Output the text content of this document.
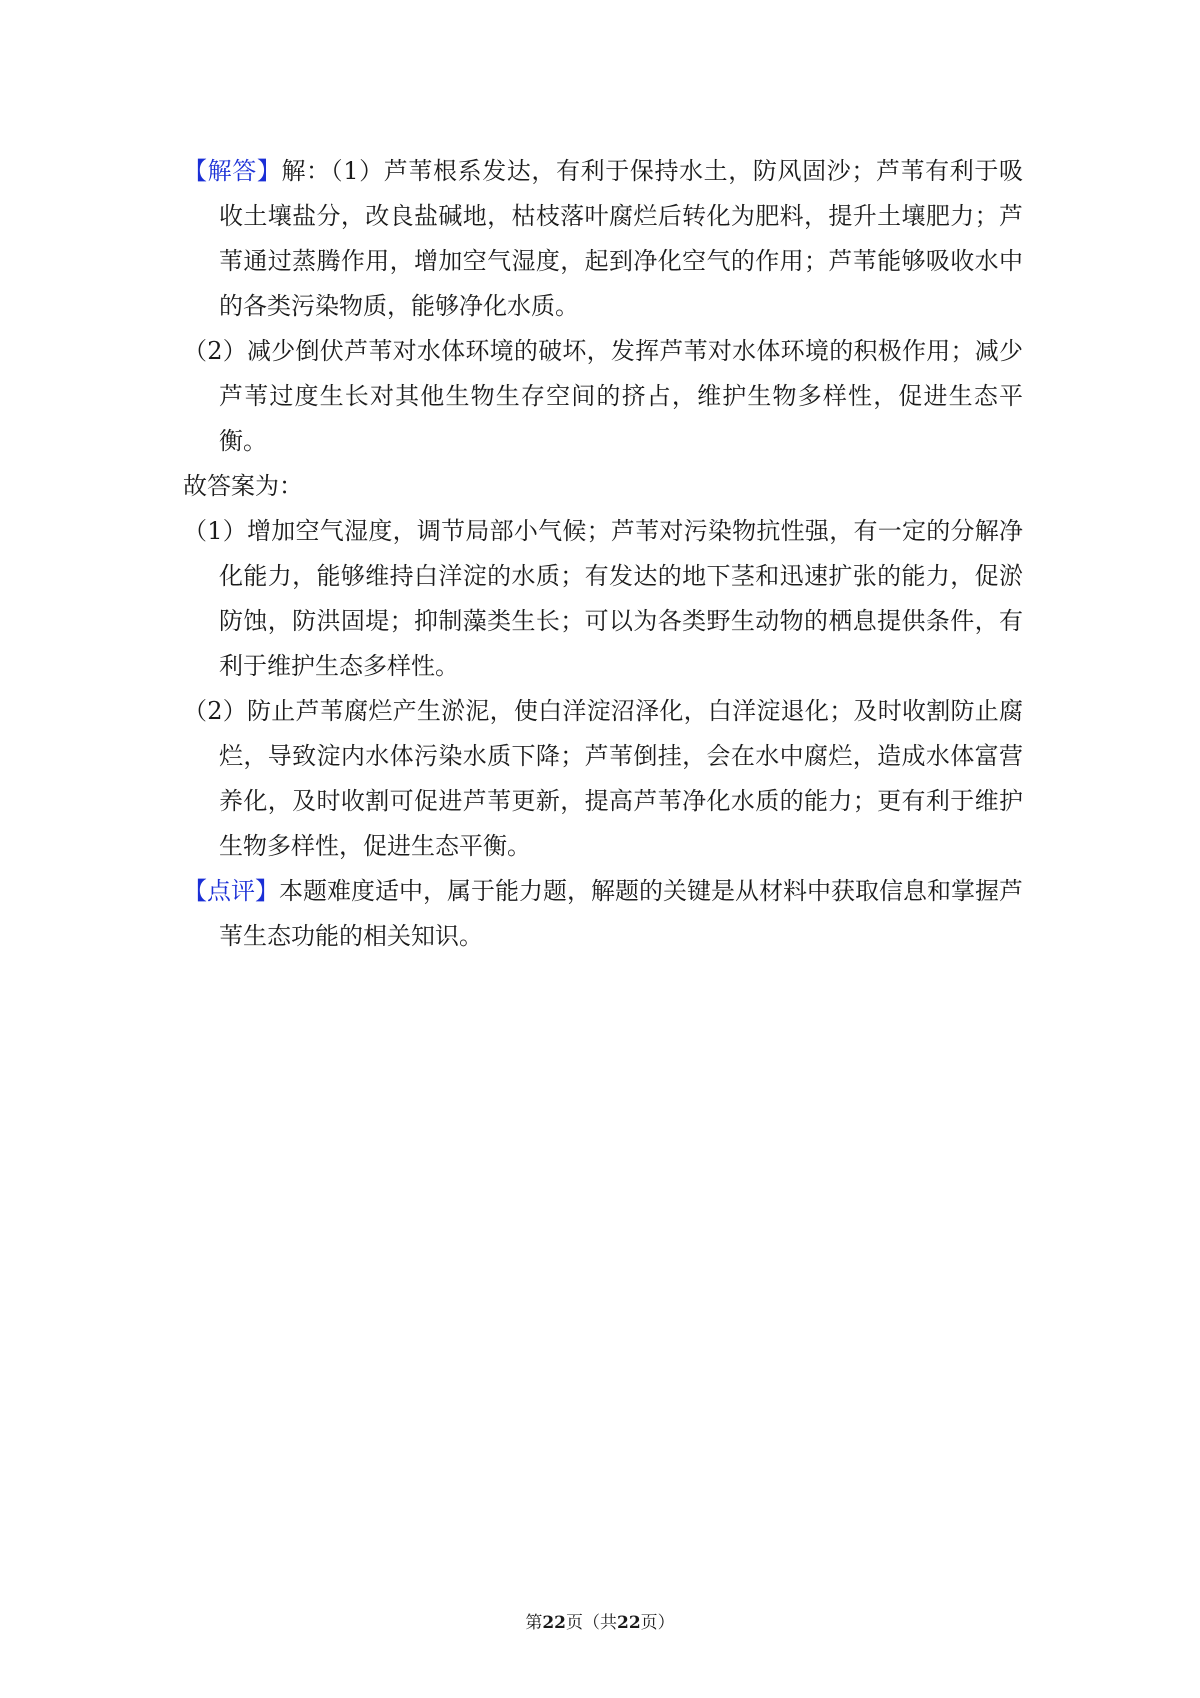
【解答】解：（1）芦苇根系发达，有利于保持水土，防风固沙；芦苇有利于吸收土壤盐分，改良盐碱地，枯枝落叶腐烂后转化为肥料，提升土壤肥力；芦苇通过蒸腾作用，增加空气湿度，起到净化空气的作用；芦苇能够吸收水中的各类污染物质，能够净化水质。

（2）减少倒伏芦苇对水体环境的破坏，发挥芦苇对水体环境的积极作用；减少芦苇过度生长对其他生物生存空间的挤占，维护生物多样性，促进生态平衡。

故答案为：

（1）增加空气湿度，调节局部小气候；芦苇对污染物抗性强，有一定的分解净化能力，能够维持白洋淀的水质；有发达的地下茎和迅速扩张的能力，促淤防蚀，防洪固堤；抑制藻类生长；可以为各类野生动物的栖息提供条件，有利于维护生态多样性。

（2）防止芦苇腐烂产生淤泥，使白洋淀沼泽化，白洋淀退化；及时收割防止腐烂，导致淀内水体污染水质下降；芦苇倒挂，会在水中腐烂，造成水体富营养化，及时收割可促进芦苇更新，提高芦苇净化水质的能力；更有利于维护生物多样性，促进生态平衡。

【点评】本题难度适中，属于能力题，解题的关键是从材料中获取信息和掌握芦苇生态功能的相关知识。

第22页（共22页）
